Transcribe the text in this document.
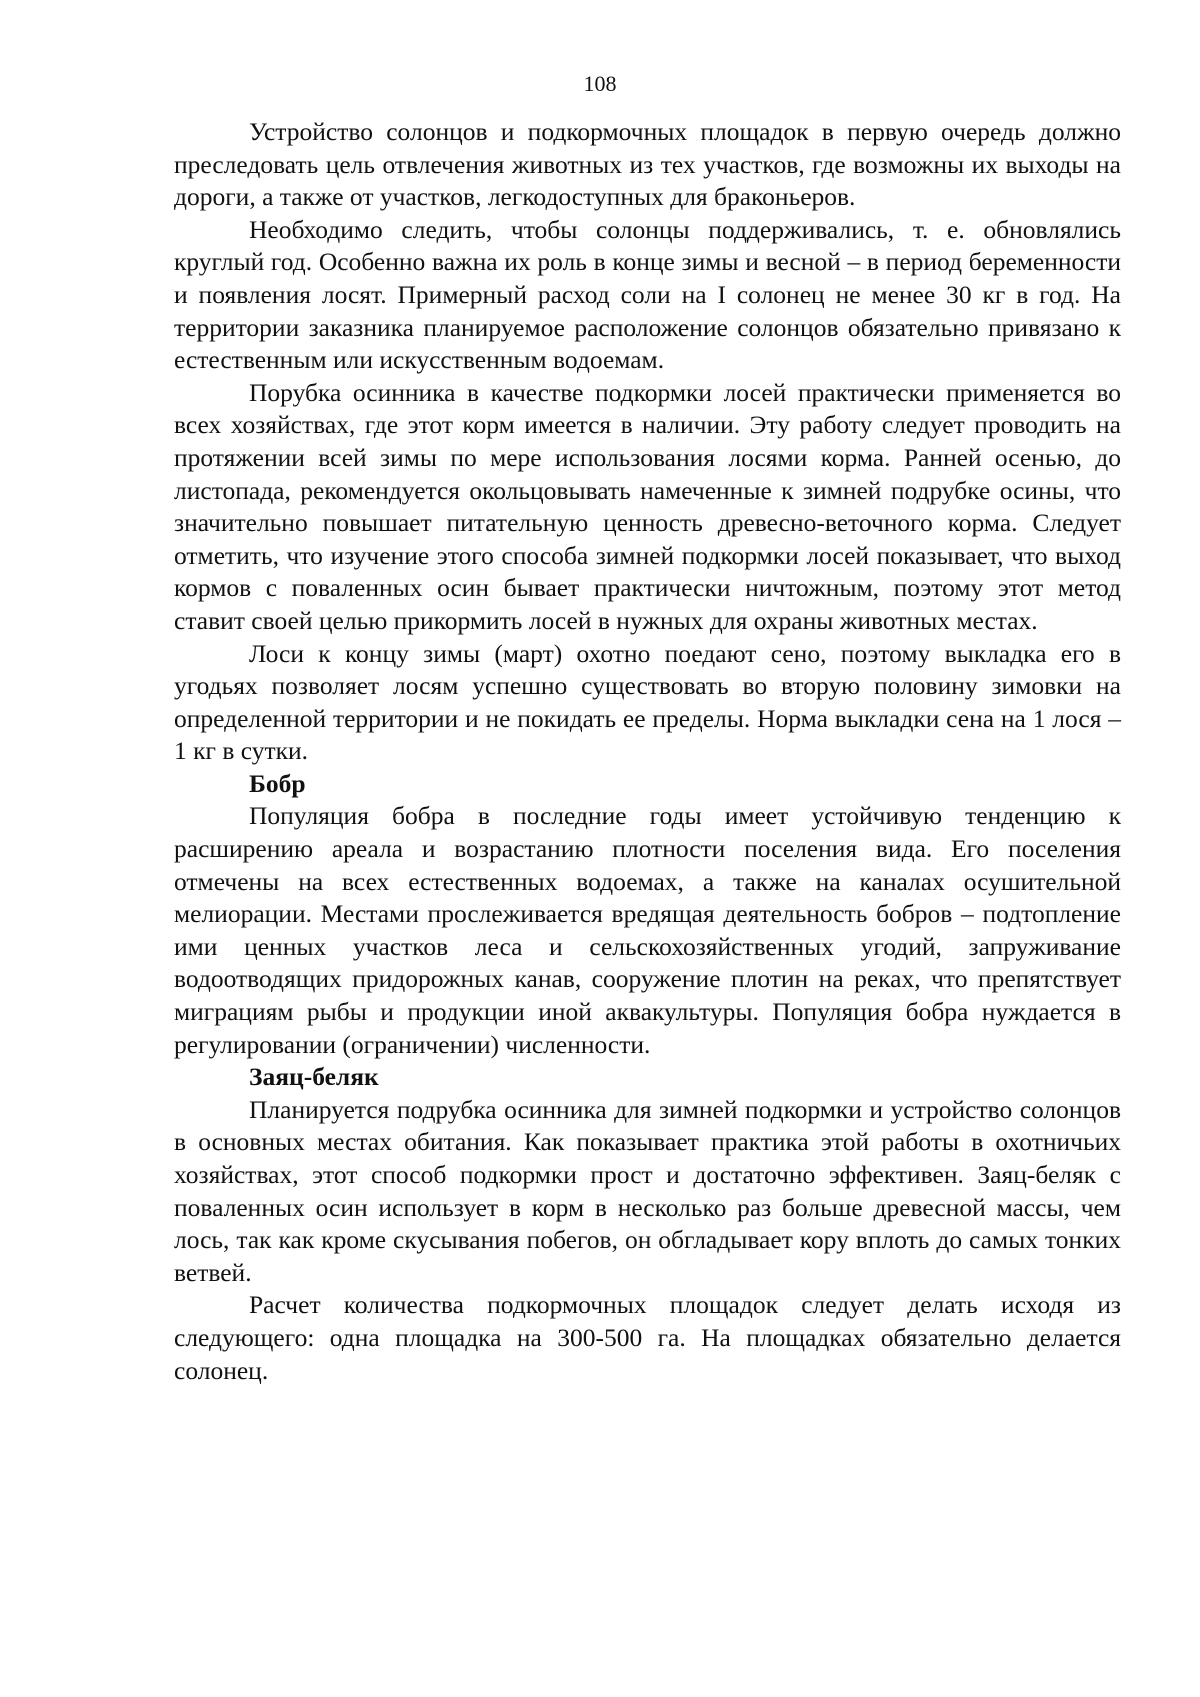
108

Устройство солонцов и подкормочных площадок в первую очередь должно преследовать цель отвлечения животных из тех участков, где возможны их выходы на дороги, а также от участков, легкодоступных для браконьеров.

Необходимо следить, чтобы солонцы поддерживались, т. е. обновлялись круглый год. Особенно важна их роль в конце зимы и весной – в период беременности и появления лосят. Примерный расход соли на I солонец не менее 30 кг в год. На территории заказника планируемое расположение солонцов обязательно привязано к естественным или искусственным водоемам.

Порубка осинника в качестве подкормки лосей практически применяется во всех хозяйствах, где этот корм имеется в наличии. Эту работу следует проводить на протяжении всей зимы по мере использования лосями корма. Ранней осенью, до листопада, рекомендуется окольцовывать намеченные к зимней подрубке осины, что значительно повышает питательную ценность древесно-веточного корма. Следует отметить, что изучение этого способа зимней подкормки лосей показывает, что выход кормов с поваленных осин бывает практически ничтожным, поэтому этот метод ставит своей целью прикормить лосей в нужных для охраны животных местах.

Лоси к концу зимы (март) охотно поедают сено, поэтому выкладка его в угодьях позволяет лосям успешно существовать во вторую половину зимовки на определенной территории и не покидать ее пределы. Норма выкладки сена на 1 лося – 1 кг в сутки.

Бобр

Популяция бобра в последние годы имеет устойчивую тенденцию к расширению ареала и возрастанию плотности поселения вида. Его поселения отмечены на всех естественных водоемах, а также на каналах осушительной мелиорации. Местами прослеживается вредящая деятельность бобров – подтопление ими ценных участков леса и сельскохозяйственных угодий, запруживание водоотводящих придорожных канав, сооружение плотин на реках, что препятствует миграциям рыбы и продукции иной аквакультуры. Популяция бобра нуждается в регулировании (ограничении) численности.

Заяц-беляк

Планируется подрубка осинника для зимней подкормки и устройство солонцов в основных местах обитания. Как показывает практика этой работы в охотничьих хозяйствах, этот способ подкормки прост и достаточно эффективен. Заяц-беляк с поваленных осин использует в корм в несколько раз больше древесной массы, чем лось, так как кроме скусывания побегов, он обгладывает кору вплоть до самых тонких ветвей.

Расчет количества подкормочных площадок следует делать исходя из следующего: одна площадка на 300-500 га. На площадках обязательно делается солонец.
